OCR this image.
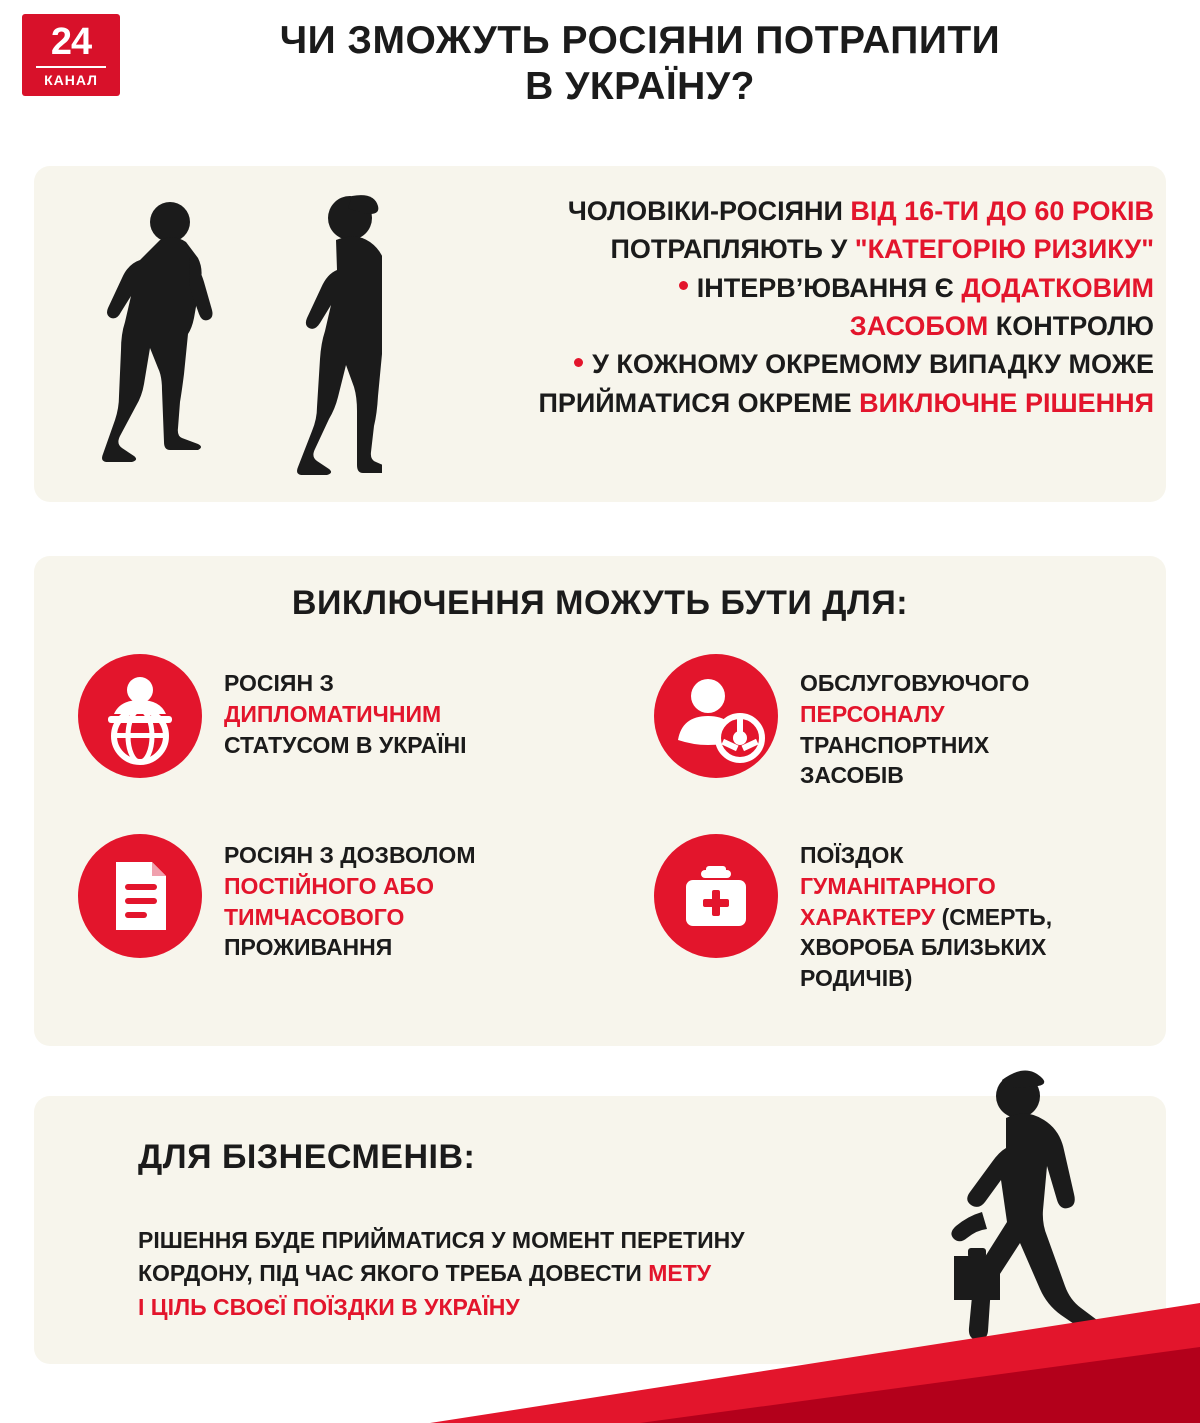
24
КАНАЛ
ЧИ ЗМОЖУТЬ РОСІЯНИ ПОТРАПИТИ
В УКРАЇНУ?
ЧОЛОВІКИ-РОСІЯНИ ВІД 16-ТИ ДО 60 РОКІВ
ПОТРАПЛЯЮТЬ У "КАТЕГОРІЮ РИЗИКУ"
ІНТЕРВ’ЮВАННЯ Є ДОДАТКОВИМ
ЗАСОБОМ КОНТРОЛЮ
У КОЖНОМУ ОКРЕМОМУ ВИПАДКУ МОЖЕ
ПРИЙМАТИСЯ ОКРЕМЕ ВИКЛЮЧНЕ РІШЕННЯ
ВИКЛЮЧЕННЯ МОЖУТЬ БУТИ ДЛЯ:
РОСІЯН З
ДИПЛОМАТИЧНИМ
СТАТУСОМ В УКРАЇНІ
ОБСЛУГОВУЮЧОГО
ПЕРСОНАЛУ
ТРАНСПОРТНИХ
ЗАСОБІВ
РОСІЯН З ДОЗВОЛОМ
ПОСТІЙНОГО АБО
ТИМЧАСОВОГО
ПРОЖИВАННЯ
ПОЇЗДОК
ГУМАНІТАРНОГО
ХАРАКТЕРУ (СМЕРТЬ,
ХВОРОБА БЛИЗЬКИХ
РОДИЧІВ)
ДЛЯ БІЗНЕСМЕНІВ:
РІШЕННЯ БУДЕ ПРИЙМАТИСЯ У МОМЕНТ ПЕРЕТИНУ
КОРДОНУ, ПІД ЧАС ЯКОГО ТРЕБА ДОВЕСТИ МЕТУ
І ЦІЛЬ СВОЄЇ ПОЇЗДКИ В УКРАЇНУ
